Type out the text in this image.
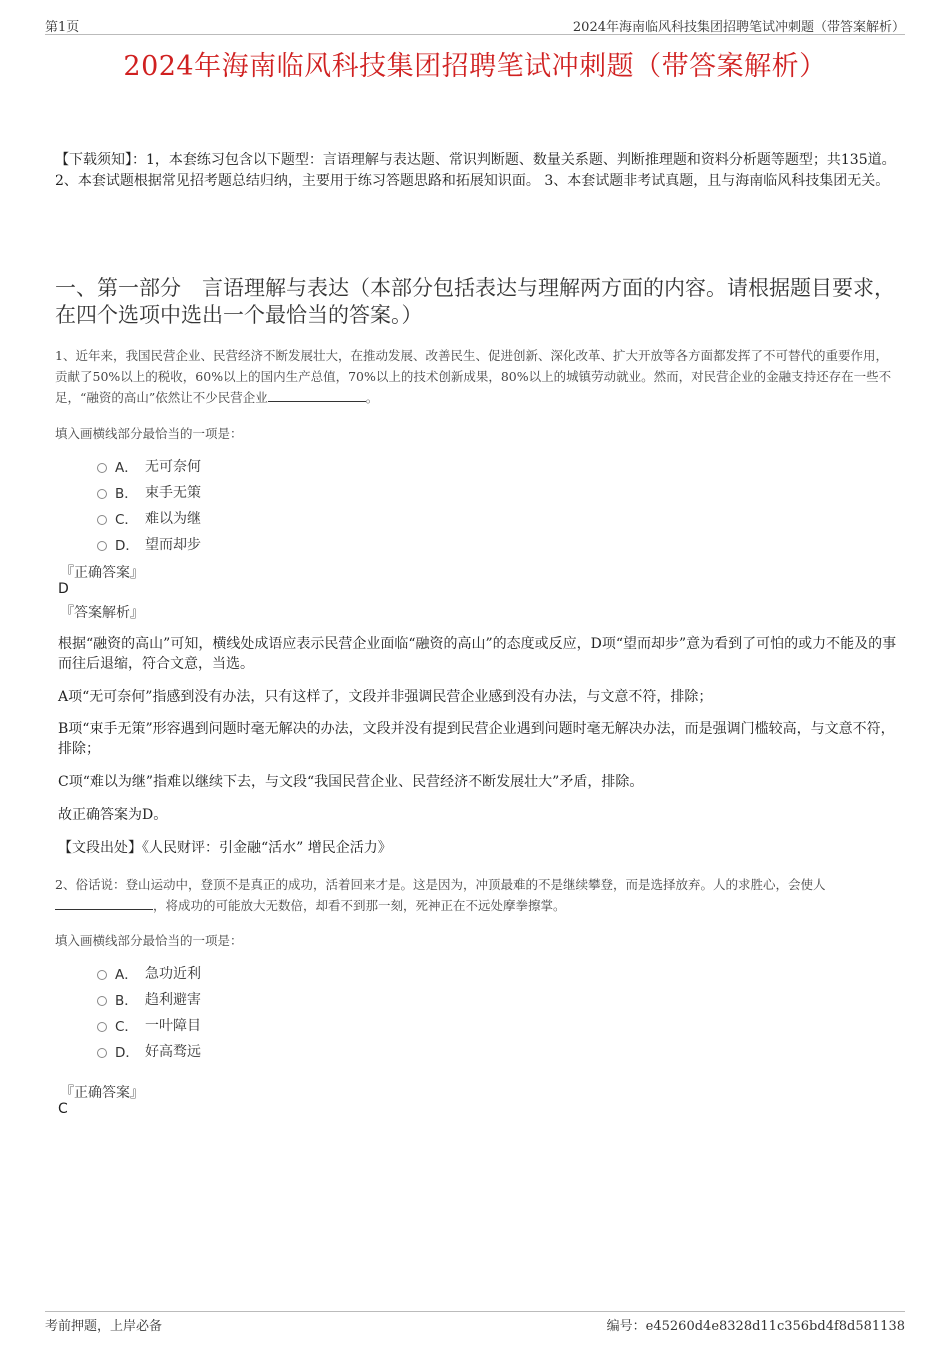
第1页	2024年海南临风科技集团招聘笔试冲刺题（带答案解析）
2024年海南临风科技集团招聘笔试冲刺题（带答案解析）
【下载须知】：1，本套练习包含以下题型：言语理解与表达题、常识判断题、数量关系题、判断推理题和资料分析题等题型；共135道。 2、本套试题根据常见招考题总结归纳，主要用于练习答题思路和拓展知识面。 3、本套试题非考试真题，且与海南临风科技集团无关。
一、第一部分　言语理解与表达（本部分包括表达与理解两方面的内容。请根据题目要求，在四个选项中选出一个最恰当的答案。）
1、近年来，我国民营企业、民营经济不断发展壮大，在推动发展、改善民生、促进创新、深化改革、扩大开放等各方面都发挥了不可替代的重要作用，贡献了50%以上的税收，60%以上的国内生产总值，70%以上的技术创新成果，80%以上的城镇劳动就业。然而，对民营企业的金融支持还存在一些不足，“融资的高山”依然让不少民营企业	。
填入画横线部分最恰当的一项是：
A． 无可奈何
B． 束手无策
C． 难以为继
D． 望而却步
『正确答案』
D
『答案解析』
根据“融资的高山”可知，横线处成语应表示民营企业面临“融资的高山”的态度或反应，D项“望而却步”意为看到了可怕的或力不能及的事而往后退缩，符合文意，当选。
A项“无可奈何”指感到没有办法，只有这样了，文段并非强调民营企业感到没有办法，与文意不符，排除；
B项“束手无策”形容遇到问题时毫无解决的办法，文段并没有提到民营企业遇到问题时毫无解决办法，而是强调门槛较高，与文意不符，排除；
C项“难以为继”指难以继续下去，与文段“我国民营企业、民营经济不断发展壮大”矛盾，排除。
故正确答案为D。
【文段出处】《人民财评：引金融“活水” 增民企活力》
2、俗话说：登山运动中，登顶不是真正的成功，活着回来才是。这是因为，冲顶最难的不是继续攀登，而是选择放弃。人的求胜心，会使人，将成功的可能放大无数倍，却看不到那一刻，死神正在不远处摩拳擦掌。
填入画横线部分最恰当的一项是：
A． 急功近利
B． 趋利避害
C． 一叶障目
D． 好高骛远
『正确答案』
C
考前押题，上岸必备	编号：e45260d4e8328d11c356bd4f8d581138
